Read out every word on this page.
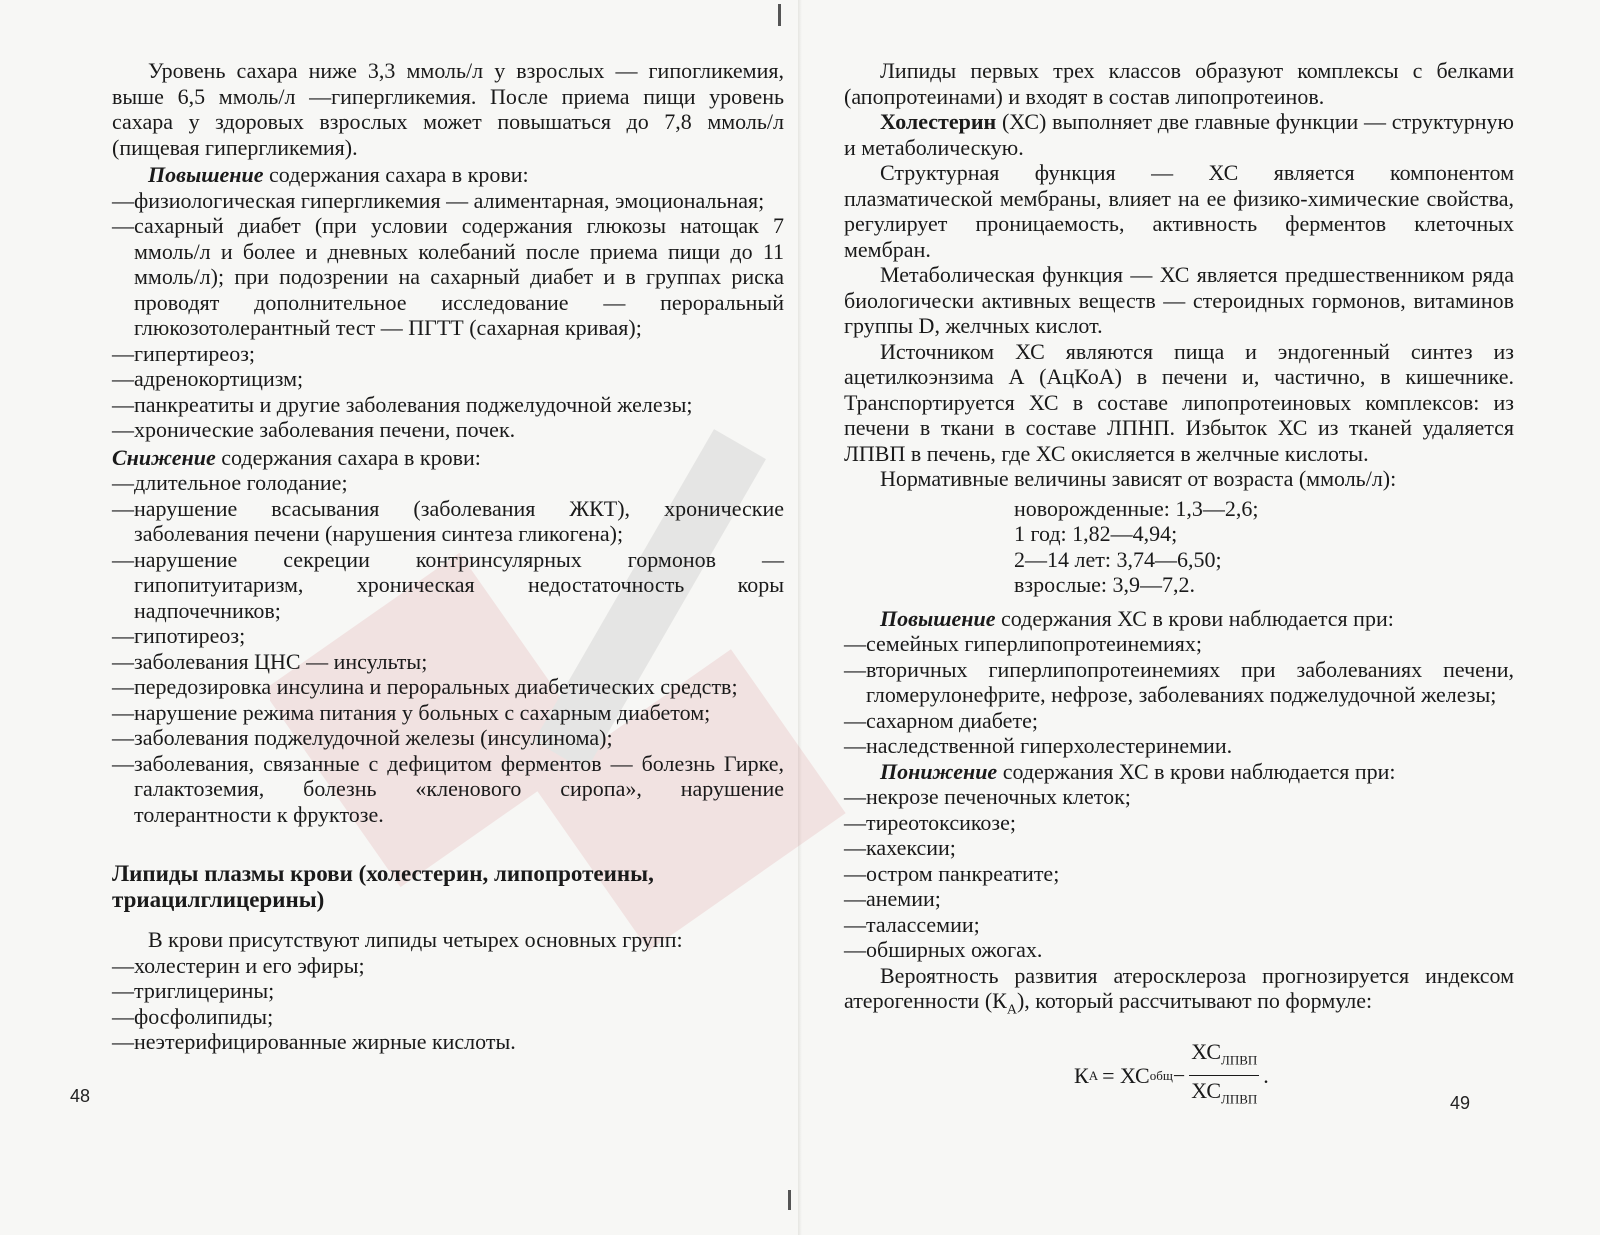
Уровень сахара ниже 3,3 ммоль/л у взрослых — гипогликемия, выше 6,5 ммоль/л —гипергликемия. После приема пищи уровень сахара у здоровых взрослых может повышаться до 7,8 ммоль/л (пищевая гипергликемия).

Повышение содержания сахара в крови:

— физиологическая гипергликемия — алиментарная, эмоциональная;
— сахарный диабет (при условии содержания глюкозы натощак 7 ммоль/л и более и дневных колебаний после приема пищи до 11 ммоль/л); при подозрении на сахарный диабет и в группах риска проводят дополнительное исследование — пероральный глюкозотолерантный тест — ПГТТ (сахарная кривая);
— гипертиреоз;
— адренокортицизм;
— панкреатиты и другие заболевания поджелудочной железы;
— хронические заболевания печени, почек.

Снижение содержания сахара в крови:

— длительное голодание;
— нарушение всасывания (заболевания ЖКТ), хронические заболевания печени (нарушения синтеза гликогена);
— нарушение секреции контринсулярных гормонов — гипопитуитаризм, хроническая недостаточность коры надпочечников;
— гипотиреоз;
— заболевания ЦНС — инсульты;
— передозировка инсулина и пероральных диабетических средств;
— нарушение режима питания у больных с сахарным диабетом;
— заболевания поджелудочной железы (инсулинома);
— заболевания, связанные с дефицитом ферментов — болезнь Гирке, галактоземия, болезнь «кленового сиропа», нарушение толерантности к фруктозе.

Липиды плазмы крови (холестерин, липопротеины, триацилглицерины)

В крови присутствуют липиды четырех основных групп:

— холестерин и его эфиры;
— триглицерины;
— фосфолипиды;
— неэтерифицированные жирные кислоты.
48

Липиды первых трех классов образуют комплексы с белками (апопротеинами) и входят в состав липопротеинов.

Холестерин (ХС) выполняет две главные функции — структурную и метаболическую.

Структурная функция — ХС является компонентом плазматической мембраны, влияет на ее физико-химические свойства, регулирует проницаемость, активность ферментов клеточных мембран.

Метаболическая функция — ХС является предшественником ряда биологически активных веществ — стероидных гормонов, витаминов группы D, желчных кислот.

Источником ХС являются пища и эндогенный синтез из ацетилкоэнзима А (АцКоА) в печени и, частично, в кишечнике. Транспортируется ХС в составе липопротеиновых комплексов: из печени в ткани в составе ЛПНП. Избыток ХС из тканей удаляется ЛПВП в печень, где ХС окисляется в желчные кислоты.

Нормативные величины зависят от возраста (ммоль/л):

новорожденные: 1,3—2,6;
1 год: 1,82—4,94;
2—14 лет: 3,74—6,50;
взрослые: 3,9—7,2.

Повышение содержания ХС в крови наблюдается при:

— семейных гиперлипопротеинемиях;
— вторичных гиперлипопротеинемиях при заболеваниях печени, гломерулонефрите, нефрозе, заболеваниях поджелудочной железы;
— сахарном диабете;
— наследственной гиперхолестеринемии.

Понижение содержания ХС в крови наблюдается при:

— некрозе печеночных клеток;
— тиреотоксикозе;
— кахексии;
— остром панкреатите;
— анемии;
— талассемии;
— обширных ожогах.

Вероятность развития атеросклероза прогнозируется индексом атерогенности $(К_А)$, который рассчитывают по формуле:

К А = ХС общ − $\frac{ХС_{ЛПВП}}{ХС_{ЛПВП}}$ .
49
